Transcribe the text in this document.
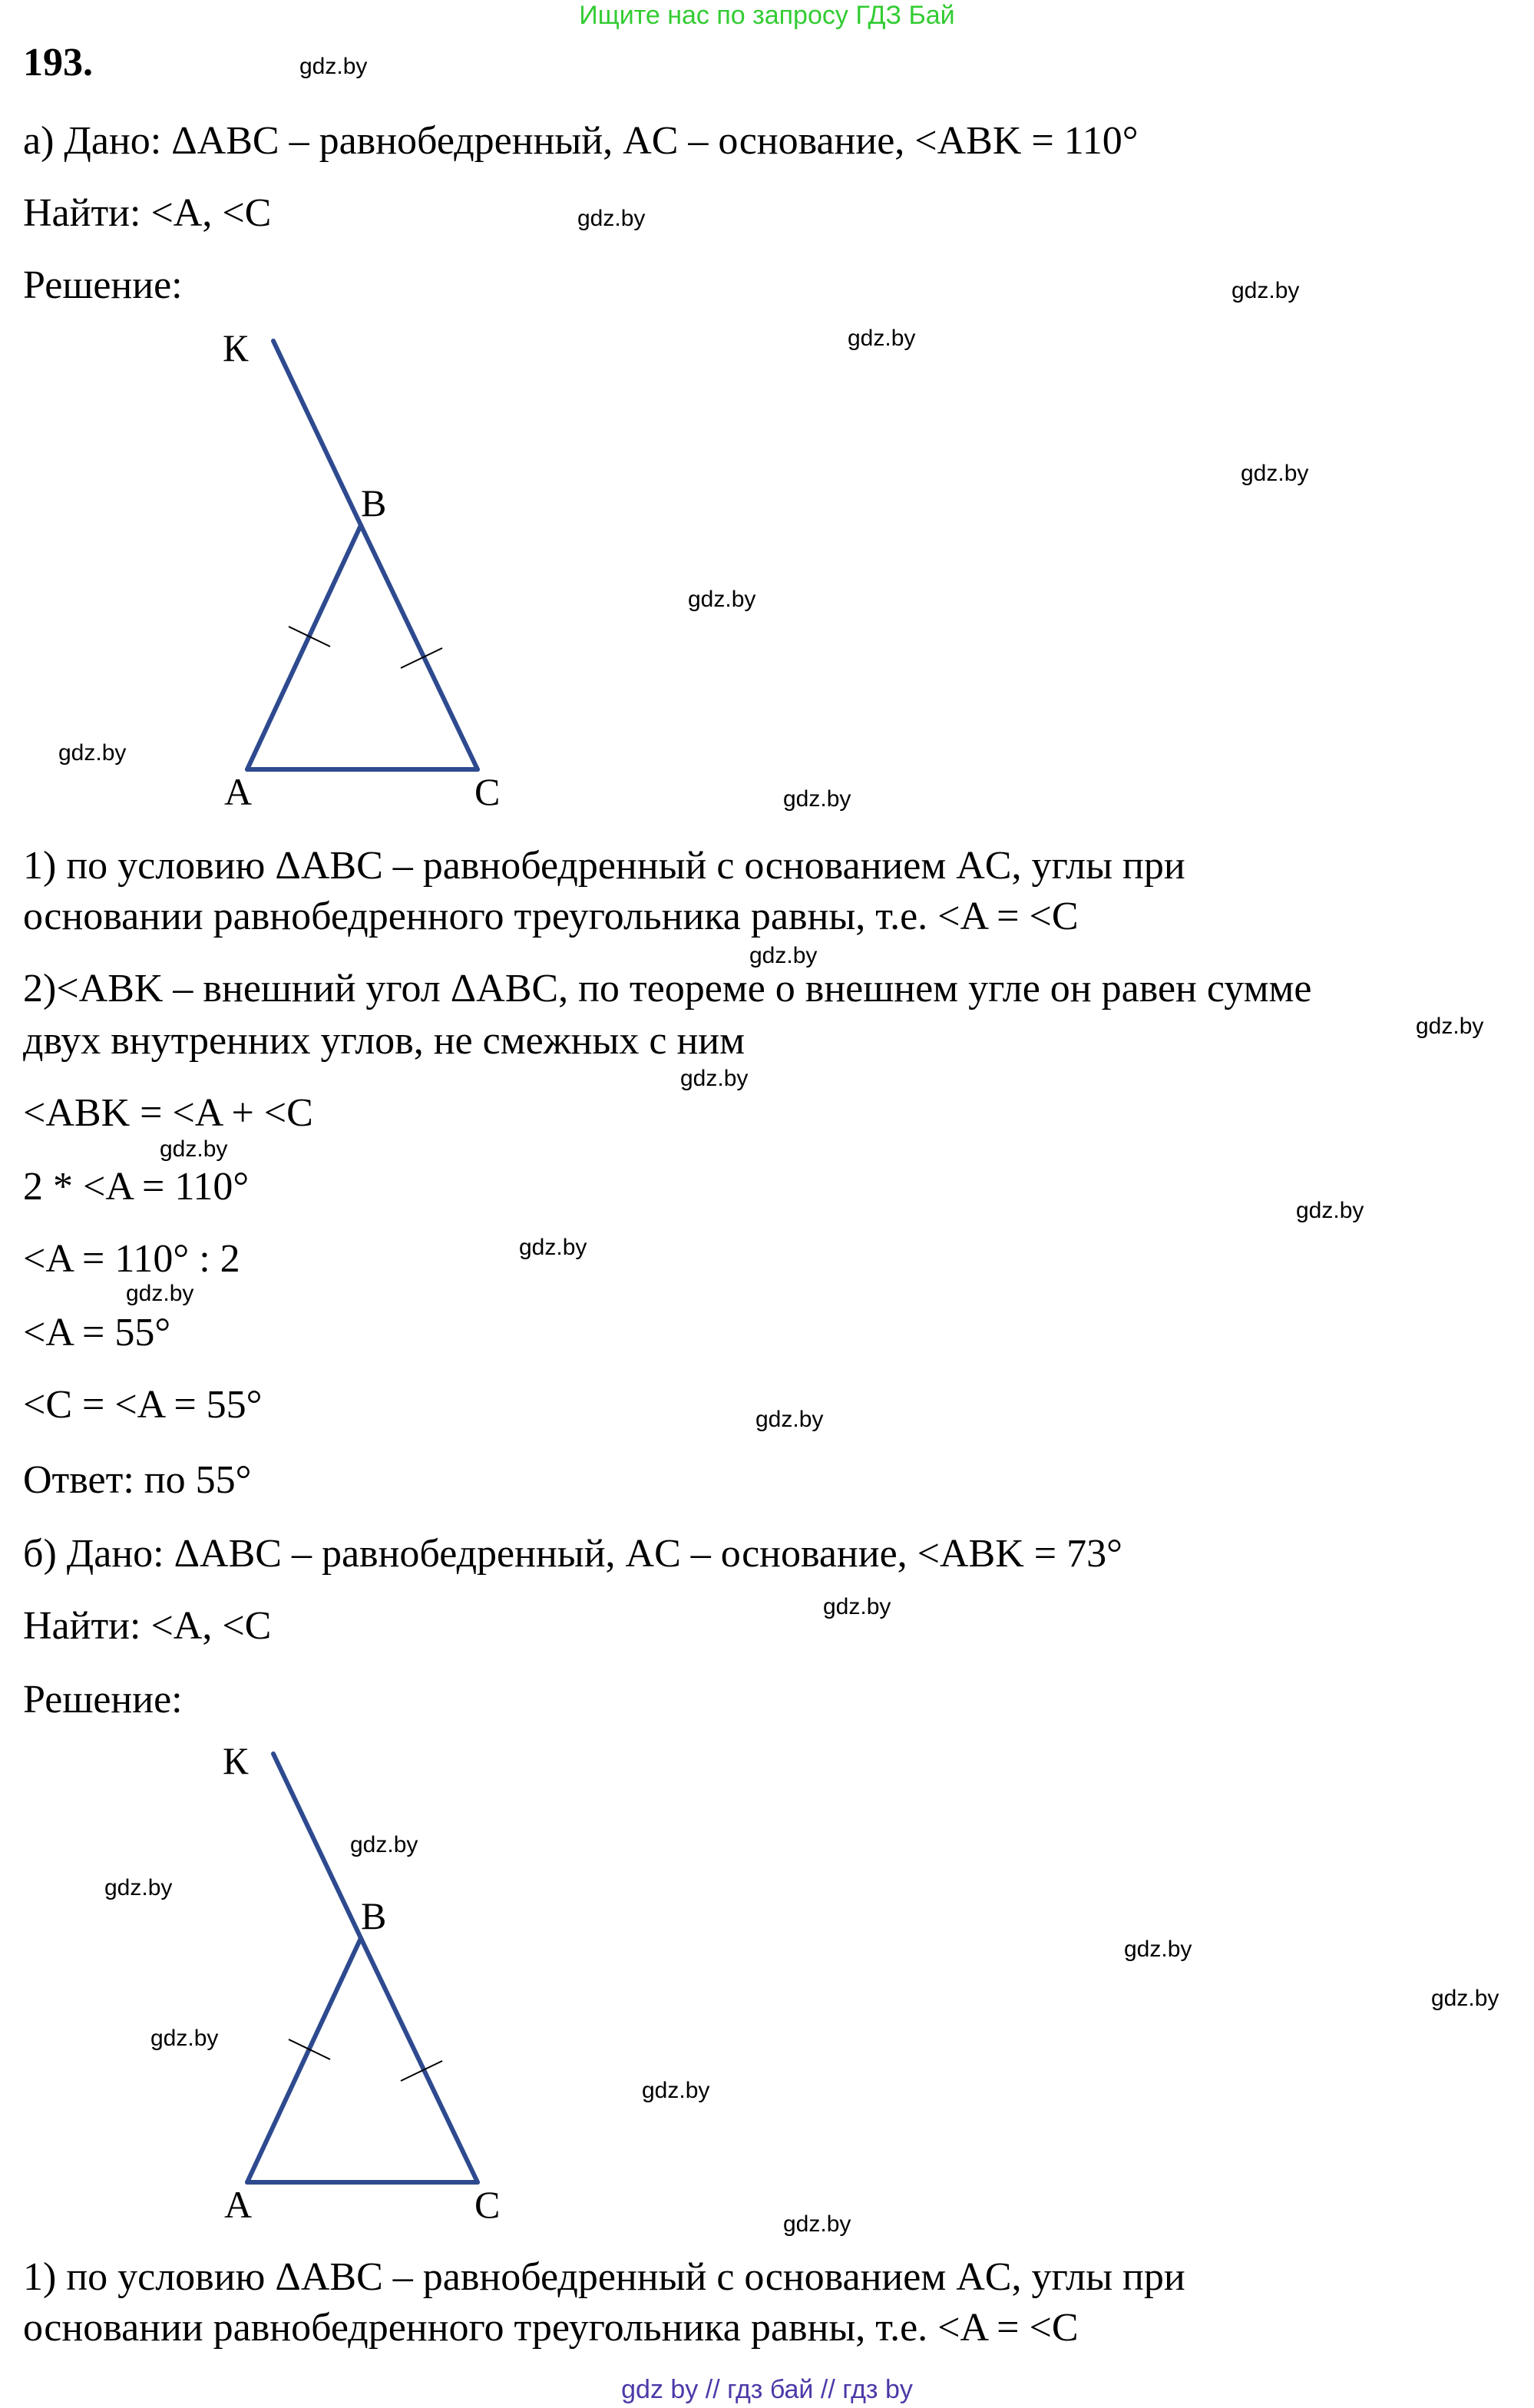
Ищите нас по запросу ГДЗ Бай
193.
а) Дано: ΔABC – равнобедренный, AC – основание, <ABK = 110°
Найти: <A, <C
Решение:
К
B
A	C
1) по условию ΔABC – равнобедренный с основанием AC, углы при
основании равнобедренного треугольника равны, т.е. <A = <C
2)<ABK – внешний угол ΔABC, по теореме о внешнем угле он равен сумме
двух внутренних углов, не смежных с ним
<ABK = <A + <C
2 * <A = 110°
<A = 110° : 2
<A = 55°
<C = <A = 55°
Ответ: по 55°
б) Дано: ΔABC – равнобедренный, AC – основание, <ABK = 73°
Найти: <A, <C
Решение:
К
B
A	C
1) по условию ΔABC – равнобедренный с основанием AC, углы при
основании равнобедренного треугольника равны, т.е. <A = <C
gdz.by
gdz.by
gdz.by
gdz.by
gdz.by
gdz.by
gdz.by
gdz.by
gdz.by
gdz.by
gdz.by
gdz.by
gdz.by
gdz.by
gdz.by
gdz.by
gdz.by
gdz.by
gdz.by
gdz.by
gdz.by
gdz.by
gdz.by
gdz.by
gdz by // гдз бай // гдз by
